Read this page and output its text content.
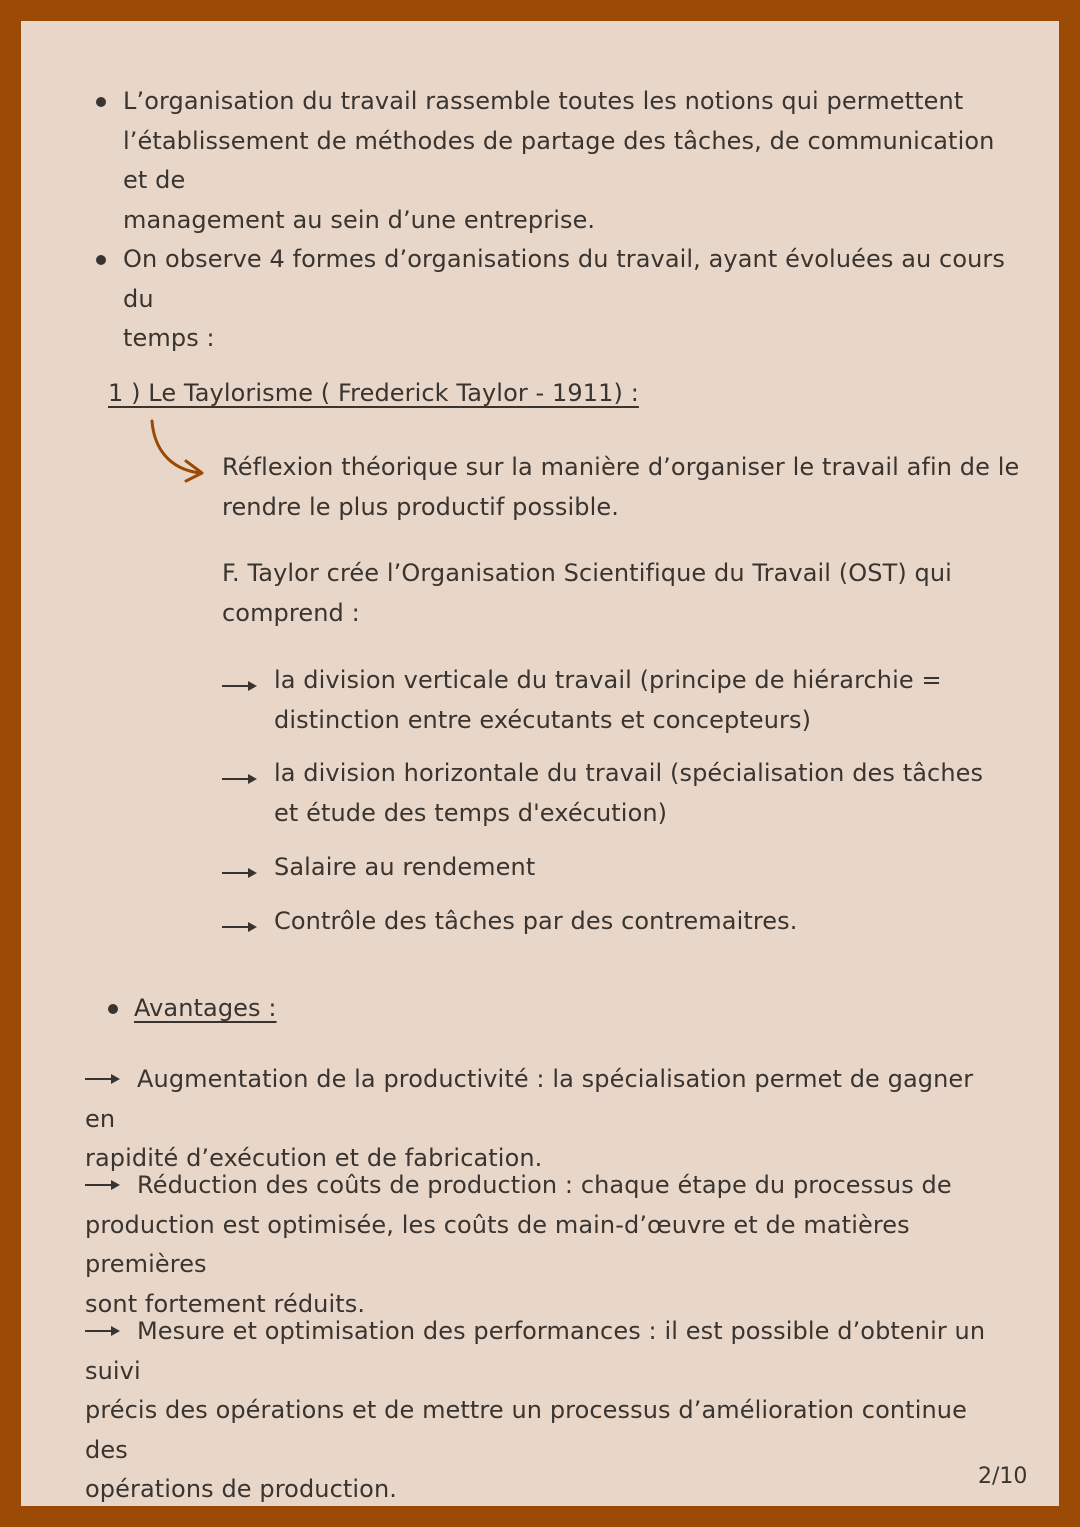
L’organisation du travail rassemble toutes les notions qui permettent
l’établissement de méthodes de partage des tâches, de communication et de
management au sein d’une entreprise.
On observe 4 formes d’organisations du travail, ayant évoluées au cours du
temps :
1 ) Le Taylorisme ( Frederick Taylor - 1911) :
Réflexion théorique sur la manière d’organiser le travail afin de le
rendre le plus productif possible.
F. Taylor crée l’Organisation Scientifique du Travail (OST) qui
comprend :
la division verticale du travail (principe de hiérarchie =
distinction entre exécutants et concepteurs)
la division horizontale du travail (spécialisation des tâches
et étude des temps d'exécution)
Salaire au rendement
Contrôle des tâches par des contremaitres.
Avantages :
Augmentation de la productivité : la spécialisation permet de gagner en
rapidité d’exécution et de fabrication.
Réduction des coûts de production : chaque étape du processus de
production est optimisée, les coûts de main-d’œuvre et de matières premières
sont fortement réduits.
Mesure et optimisation des performances : il est possible d’obtenir un suivi
précis des opérations et de mettre un processus d’amélioration continue des
opérations de production.	2/10
